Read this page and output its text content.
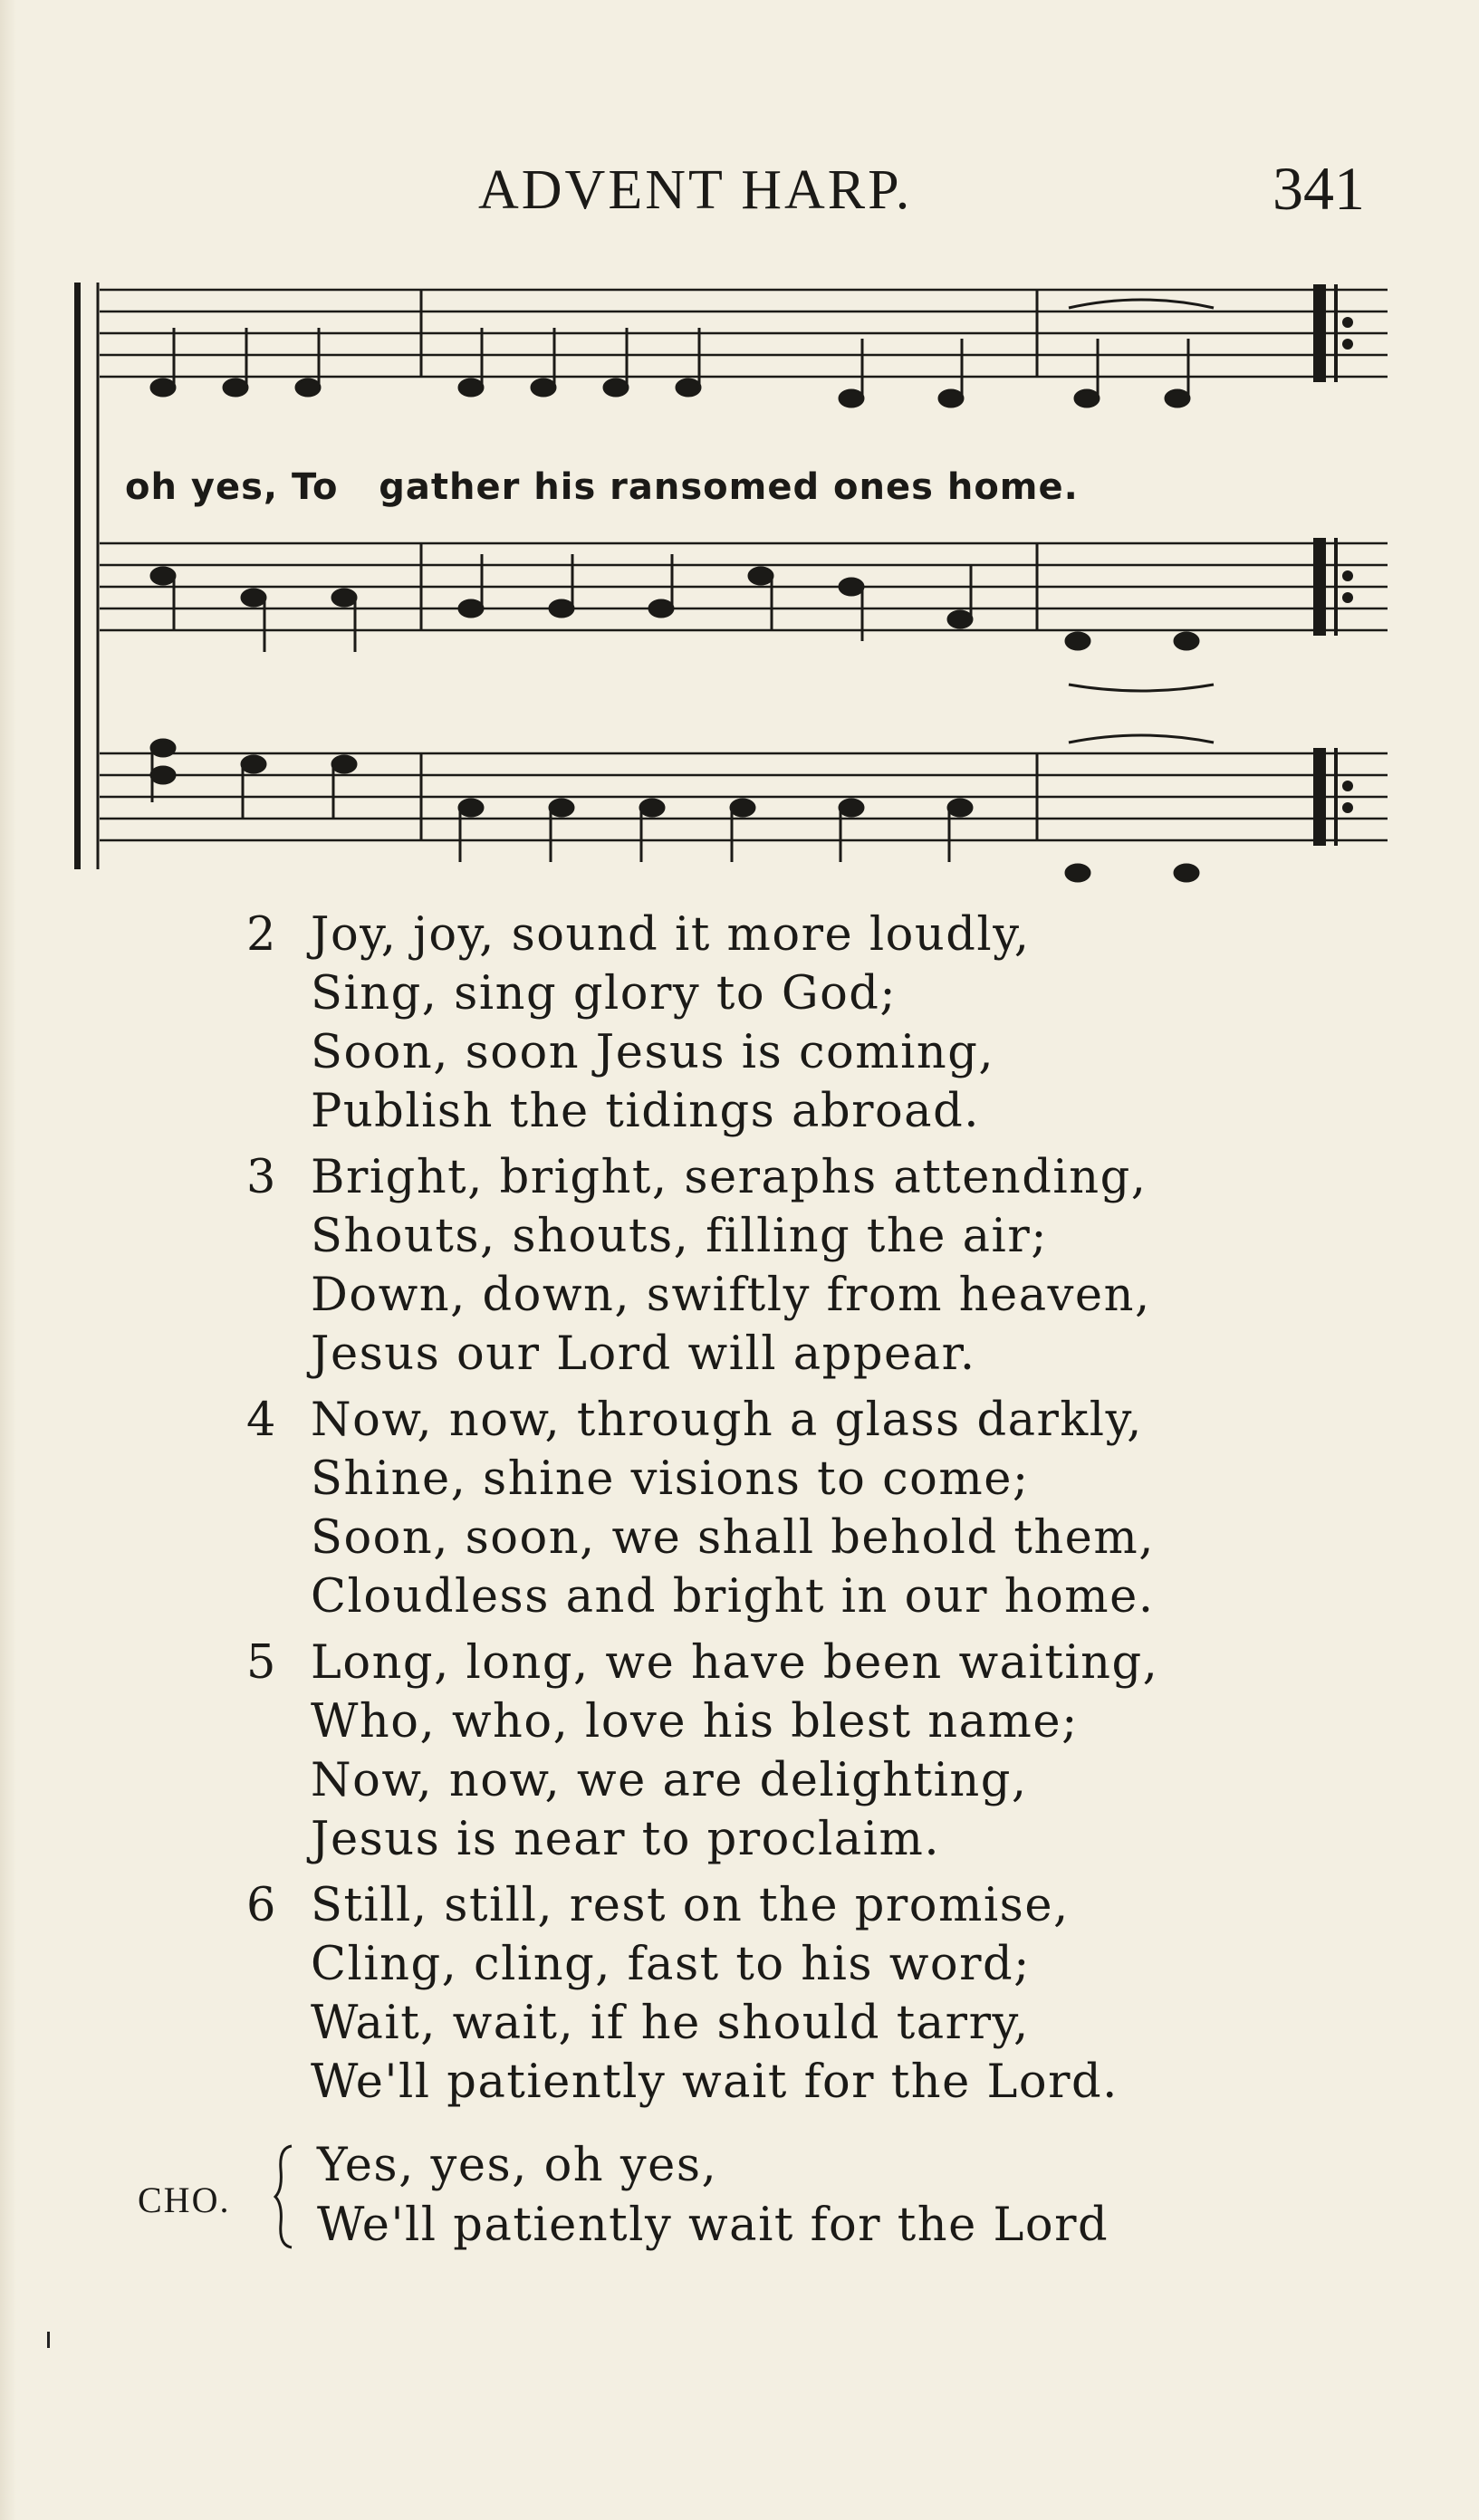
ADVENT HARP.	341
oh yes, To   gather his ransomed ones home.
2 Joy, joy, sound it more loudly,
Sing, sing glory to God;
Soon, soon Jesus is coming,
Publish the tidings abroad.
3 Bright, bright, seraphs attending,
Shouts, shouts, filling the air;
Down, down, swiftly from heaven,
Jesus our Lord will appear.
4 Now, now, through a glass darkly,
Shine, shine visions to come;
Soon, soon, we shall behold them,
Cloudless and bright in our home.
5 Long, long, we have been waiting,
Who, who, love his blest name;
Now, now, we are delighting,
Jesus is near to proclaim.
6 Still, still, rest on the promise,
Cling, cling, fast to his word;
Wait, wait, if he should tarry,
We'll patiently wait for the Lord.
CHO.
Yes, yes, oh yes,
We'll patiently wait for the Lord
